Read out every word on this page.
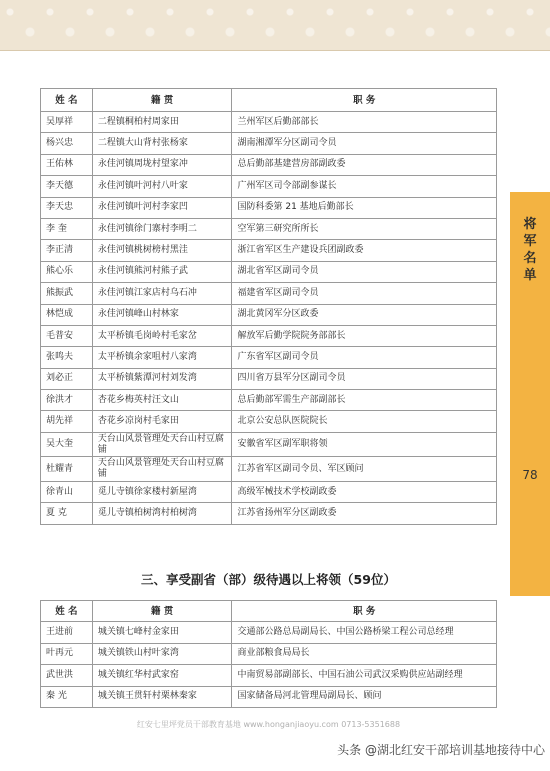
将
军
名
单
78
姓 名	籍 贯	职 务
吴厚祥	二程镇桐柏村周家田	兰州军区后勤部部长
杨兴忠	二程镇大山背村张杨家	湖南湘潭军分区副司令员
王佑林	永佳河镇周垅村望家冲	总后勤部基建营房部副政委
李天德	永佳河镇叶河村八叶家	广州军区司令部副参谋长
李天忠	永佳河镇叶河村李家凹	国防科委第 21 基地后勤部长
李 奎	永佳河镇徐门寨村李明二	空军第三研究所所长
李正清	永佳河镇桃树榜村黑洼	浙江省军区生产建设兵团副政委
熊心乐	永佳河镇熊河村熊子武	湖北省军区副司令员
熊振武	永佳河镇江家店村乌石冲	福建省军区副司令员
林恺成	永佳河镇峰山村林家	湖北黄冈军分区政委
毛普安	太平桥镇毛岗岭村毛家岔	解放军后勤学院院务部部长
张鸣夫	太平桥镇余家咀村八家湾	广东省军区副司令员
刘必正	太平桥镇紫潭河村刘发湾	四川省万县军分区副司令员
徐洪才	杏花乡梅英村汪文山	总后勤部军需生产部副部长
胡先祥	杏花乡凉岗村毛家田	北京公安总队医院院长
吴大奎	天台山风景管理处天台山村豆腐铺	安徽省军区副军职将领
杜耀青	天台山风景管理处天台山村豆腐铺	江苏省军区副司令员、军区顾问
徐青山	觅儿寺镇徐家楼村新屋湾	高级军械技术学校副政委
夏 克	觅儿寺镇柏树湾村柏树湾	江苏省扬州军分区副政委
三、享受副省（部）级待遇以上将领（59位）
姓 名	籍 贯	职 务
王进前	城关镇七峰村金家田	交通部公路总局副局长、中国公路桥梁工程公司总经理
叶再元	城关镇铁山村叶家湾	商业部粮食局局长
武世洪	城关镇红华村武家窑	中南贸易部副部长、中国石油公司武汉采购供应站副经理
秦 光	城关镇王贯轩村栗林秦家	国家储备局河北管理局副局长、顾问
红安七里坪党员干部教育基地 www.honganjiaoyu.com 0713-5351688
头条 @湖北红安干部培训基地接待中心
